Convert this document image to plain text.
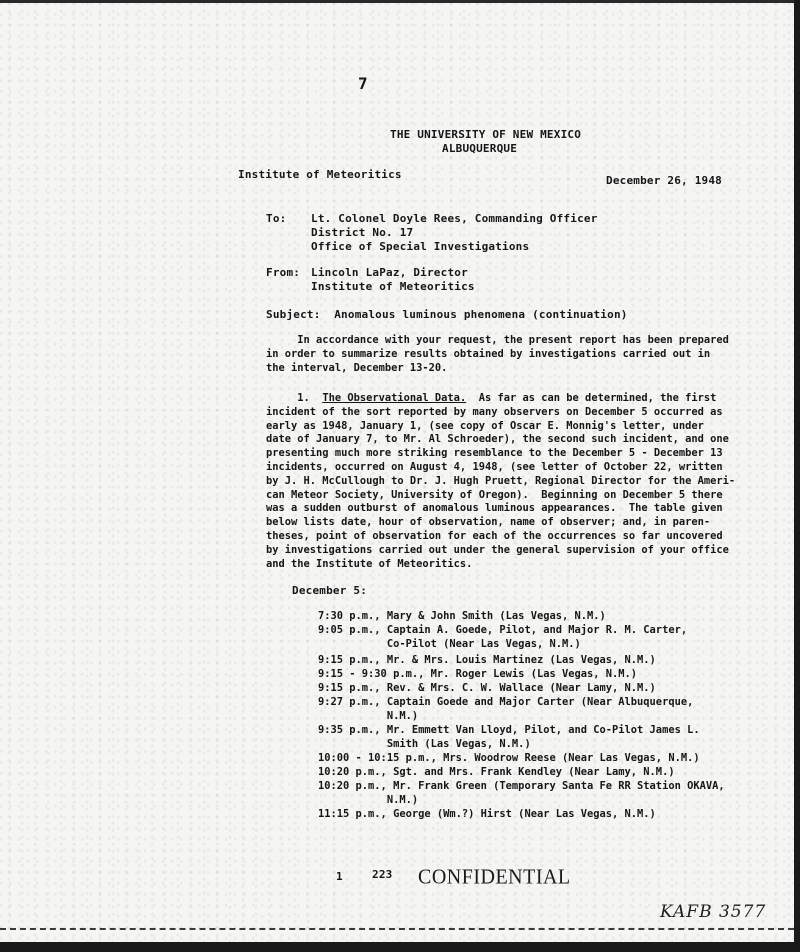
7
THE UNIVERSITY OF NEW MEXICO
ALBUQUERQUE
Institute of Meteoritics	December 26, 1948
To: Lt. Colonel Doyle Rees, Commanding Officer
District No. 17
Office of Special Investigations
From: Lincoln LaPaz, Director
Institute of Meteoritics
Subject:  Anomalous luminous phenomena (continuation)
In accordance with your request, the present report has been prepared
in order to summarize results obtained by investigations carried out in
the interval, December 13-20.
1.  The Observational Data.  As far as can be determined, the first
incident of the sort reported by many observers on December 5 occurred as
early as 1948, January 1, (see copy of Oscar E. Monnig's letter, under
date of January 7, to Mr. Al Schroeder), the second such incident, and one
presenting much more striking resemblance to the December 5 - December 13
incidents, occurred on August 4, 1948, (see letter of October 22, written
by J. H. McCullough to Dr. J. Hugh Pruett, Regional Director for the Ameri-
can Meteor Society, University of Oregon).  Beginning on December 5 there
was a sudden outburst of anomalous luminous appearances.  The table given
below lists date, hour of observation, name of observer; and, in paren-
theses, point of observation for each of the occurrences so far uncovered
by investigations carried out under the general supervision of your office
and the Institute of Meteoritics.
December 5:
7:30 p.m., Mary & John Smith (Las Vegas, N.M.)
9:05 p.m., Captain A. Goede, Pilot, and Major R. M. Carter,
Co-Pilot (Near Las Vegas, N.M.)
9:15 p.m., Mr. & Mrs. Louis Martinez (Las Vegas, N.M.)
9:15 - 9:30 p.m., Mr. Roger Lewis (Las Vegas, N.M.)
9:15 p.m., Rev. & Mrs. C. W. Wallace (Near Lamy, N.M.)
9:27 p.m., Captain Goede and Major Carter (Near Albuquerque,
N.M.)
9:35 p.m., Mr. Emmett Van Lloyd, Pilot, and Co-Pilot James L.
Smith (Las Vegas, N.M.)
10:00 - 10:15 p.m., Mrs. Woodrow Reese (Near Las Vegas, N.M.)
10:20 p.m., Sgt. and Mrs. Frank Kendley (Near Lamy, N.M.)
10:20 p.m., Mr. Frank Green (Temporary Santa Fe RR Station OKAVA,
N.M.)
11:15 p.m., George (Wm.?) Hirst (Near Las Vegas, N.M.)
1	223 CONFIDENTIAL
KAFB 3577
